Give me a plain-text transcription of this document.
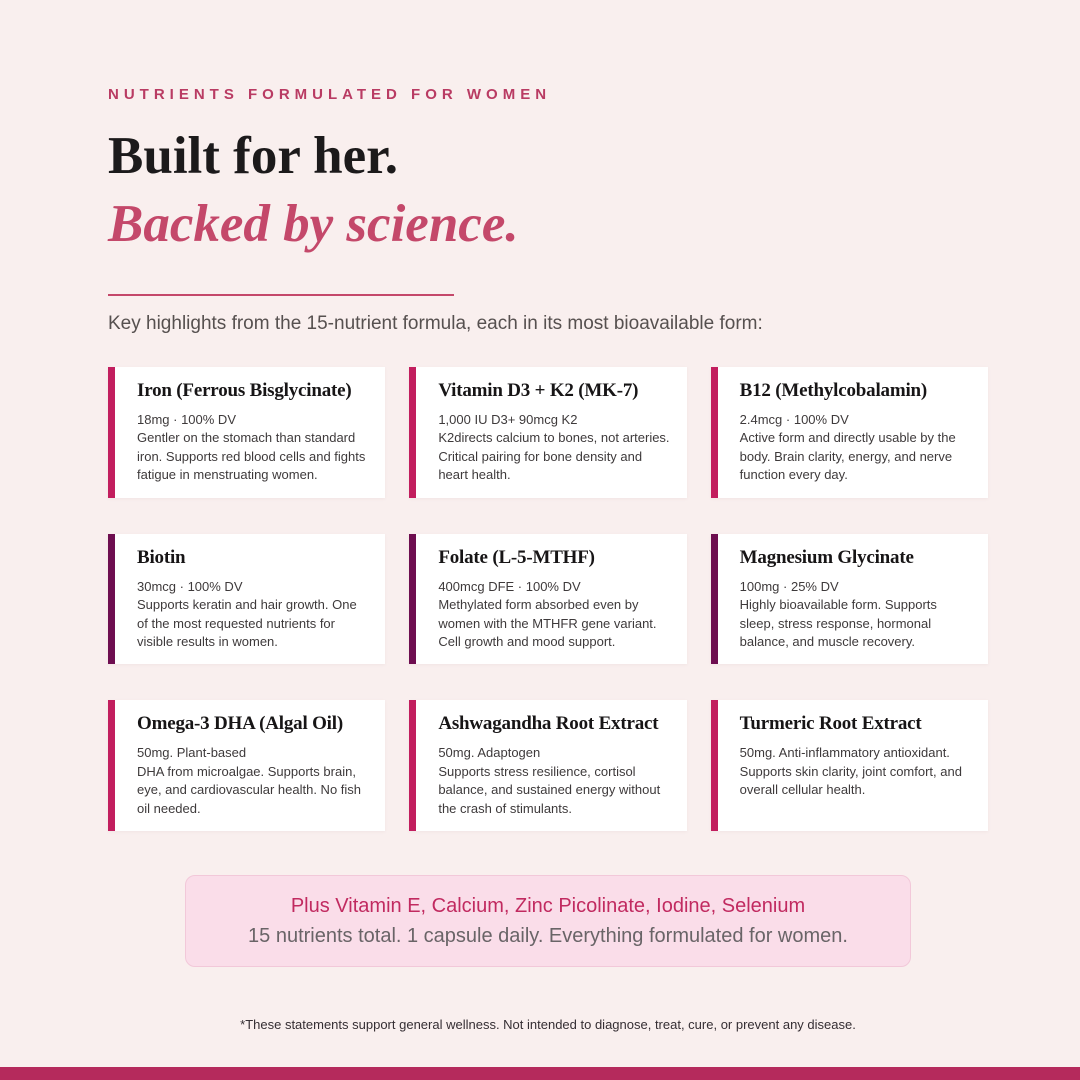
NUTRIENTS FORMULATED FOR WOMEN
Built for her.
Backed by science.
Key highlights from the 15-nutrient formula, each in its most bioavailable form:
Iron (Ferrous Bisglycinate)
18mg · 100% DV
Gentler on the stomach than standard iron. Supports red blood cells and fights fatigue in menstruating women.
Vitamin D3 + K2 (MK-7)
1,000 IU D3+ 90mcg K2
K2directs calcium to bones, not arteries. Critical pairing for bone density and heart health.
B12 (Methylcobalamin)
2.4mcg · 100% DV
Active form and directly usable by the body. Brain clarity, energy, and nerve function every day.
Biotin
30mcg · 100% DV
Supports keratin and hair growth. One of the most requested nutrients for visible results in women.
Folate (L-5-MTHF)
400mcg DFE · 100% DV
Methylated form absorbed even by women with the MTHFR gene variant. Cell growth and mood support.
Magnesium Glycinate
100mg · 25% DV
Highly bioavailable form. Supports sleep, stress response, hormonal balance, and muscle recovery.
Omega-3 DHA (Algal Oil)
50mg. Plant-based
DHA from microalgae. Supports brain, eye, and cardiovascular health. No fish oil needed.
Ashwagandha Root Extract
50mg. Adaptogen
Supports stress resilience, cortisol balance, and sustained energy without the crash of stimulants.
Turmeric Root Extract
50mg. Anti-inflammatory antioxidant. Supports skin clarity, joint comfort, and overall cellular health.
Plus Vitamin E, Calcium, Zinc Picolinate, Iodine, Selenium
15 nutrients total. 1 capsule daily. Everything formulated for women.
*These statements support general wellness. Not intended to diagnose, treat, cure, or prevent any disease.
